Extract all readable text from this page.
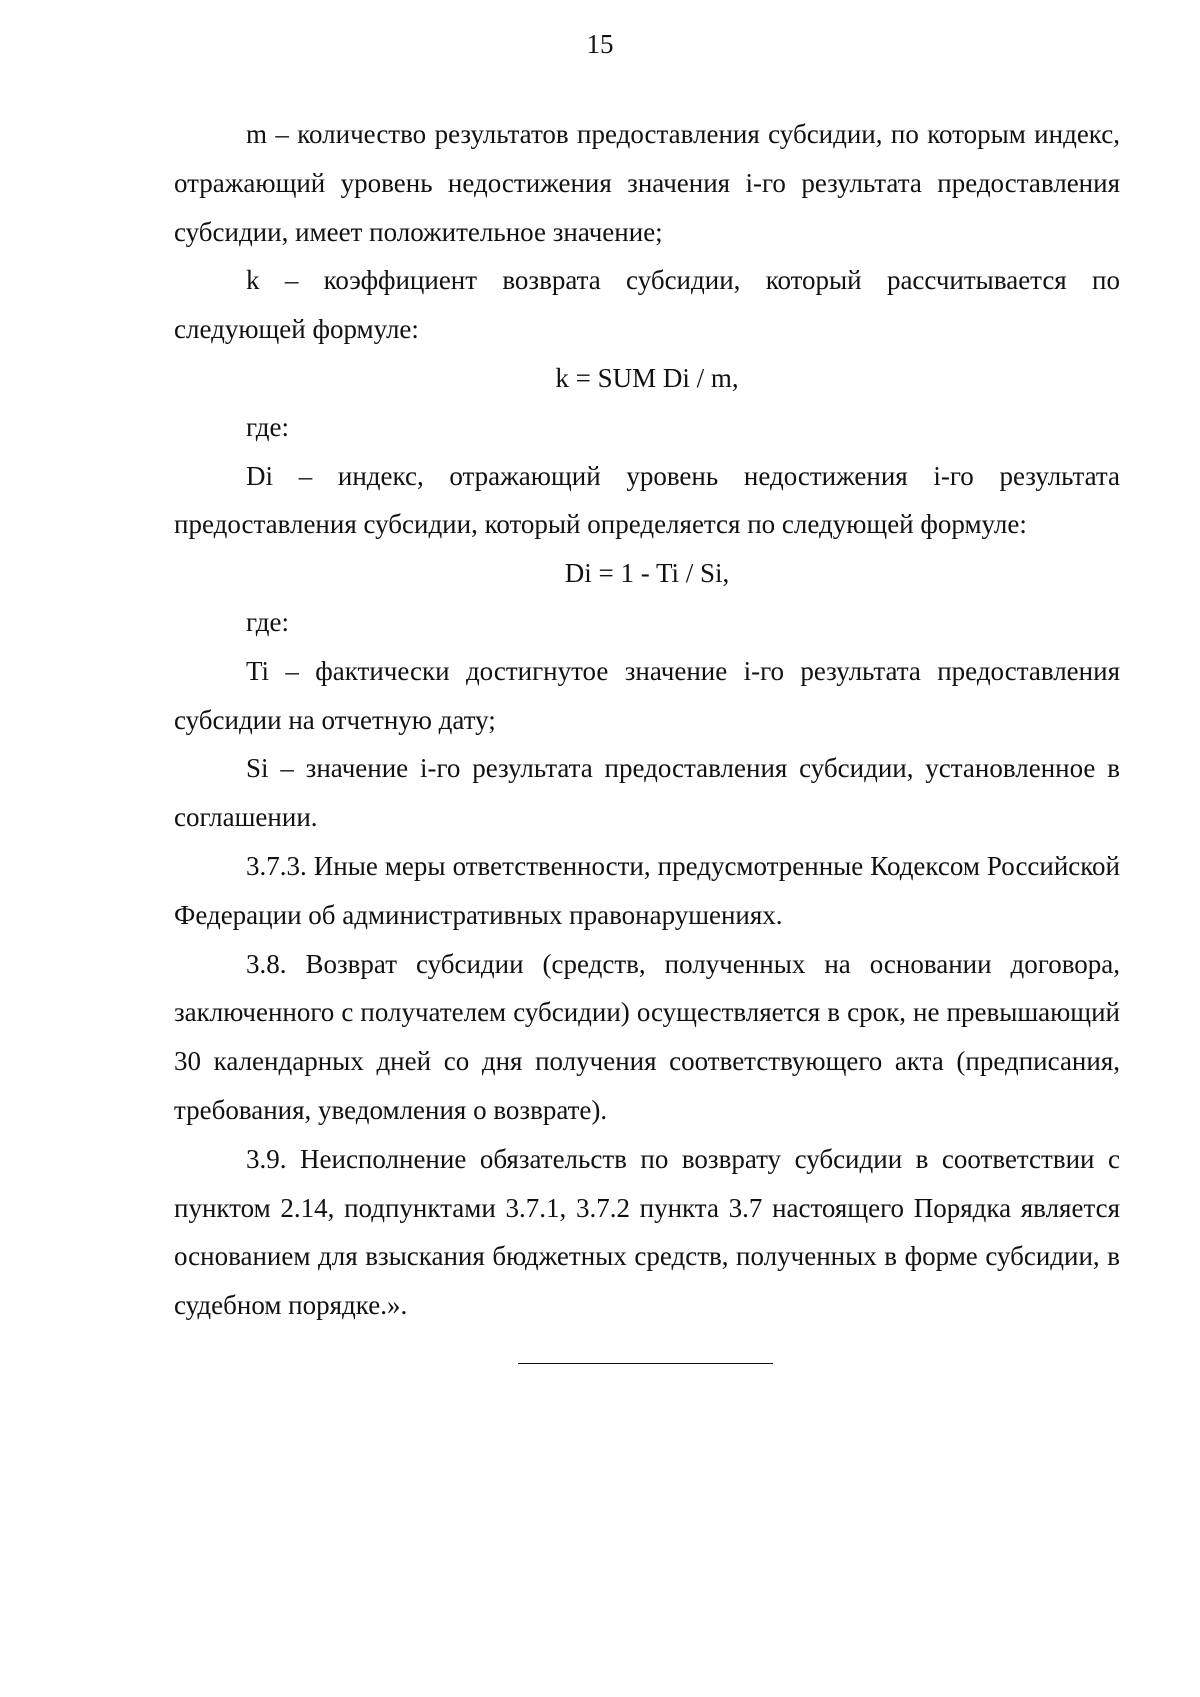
15

m – количество результатов предоставления субсидии, по которым индекс, отражающий уровень недостижения значения i-го результата предоставления субсидии, имеет положительное значение;

k – коэффициент возврата субсидии, который рассчитывается по следующей формуле:

k = SUM Di / m,

где:

Di – индекс, отражающий уровень недостижения i-го результата предоставления субсидии, который определяется по следующей формуле:

Di = 1 - Ti / Si,

где:

Ti – фактически достигнутое значение i-го результата предоставления субсидии на отчетную дату;

Si – значение i-го результата предоставления субсидии, установленное в соглашении.

3.7.3. Иные меры ответственности, предусмотренные Кодексом Российской Федерации об административных правонарушениях.

3.8. Возврат субсидии (средств, полученных на основании договора, заключенного с получателем субсидии) осуществляется в срок, не превышающий 30 календарных дней со дня получения соответствующего акта (предписания, требования, уведомления о возврате).

3.9. Неисполнение обязательств по возврату субсидии в соответствии с пунктом 2.14, подпунктами 3.7.1, 3.7.2 пункта 3.7 настоящего Порядка является основанием для взыскания бюджетных средств, полученных в форме субсидии, в судебном порядке.».
